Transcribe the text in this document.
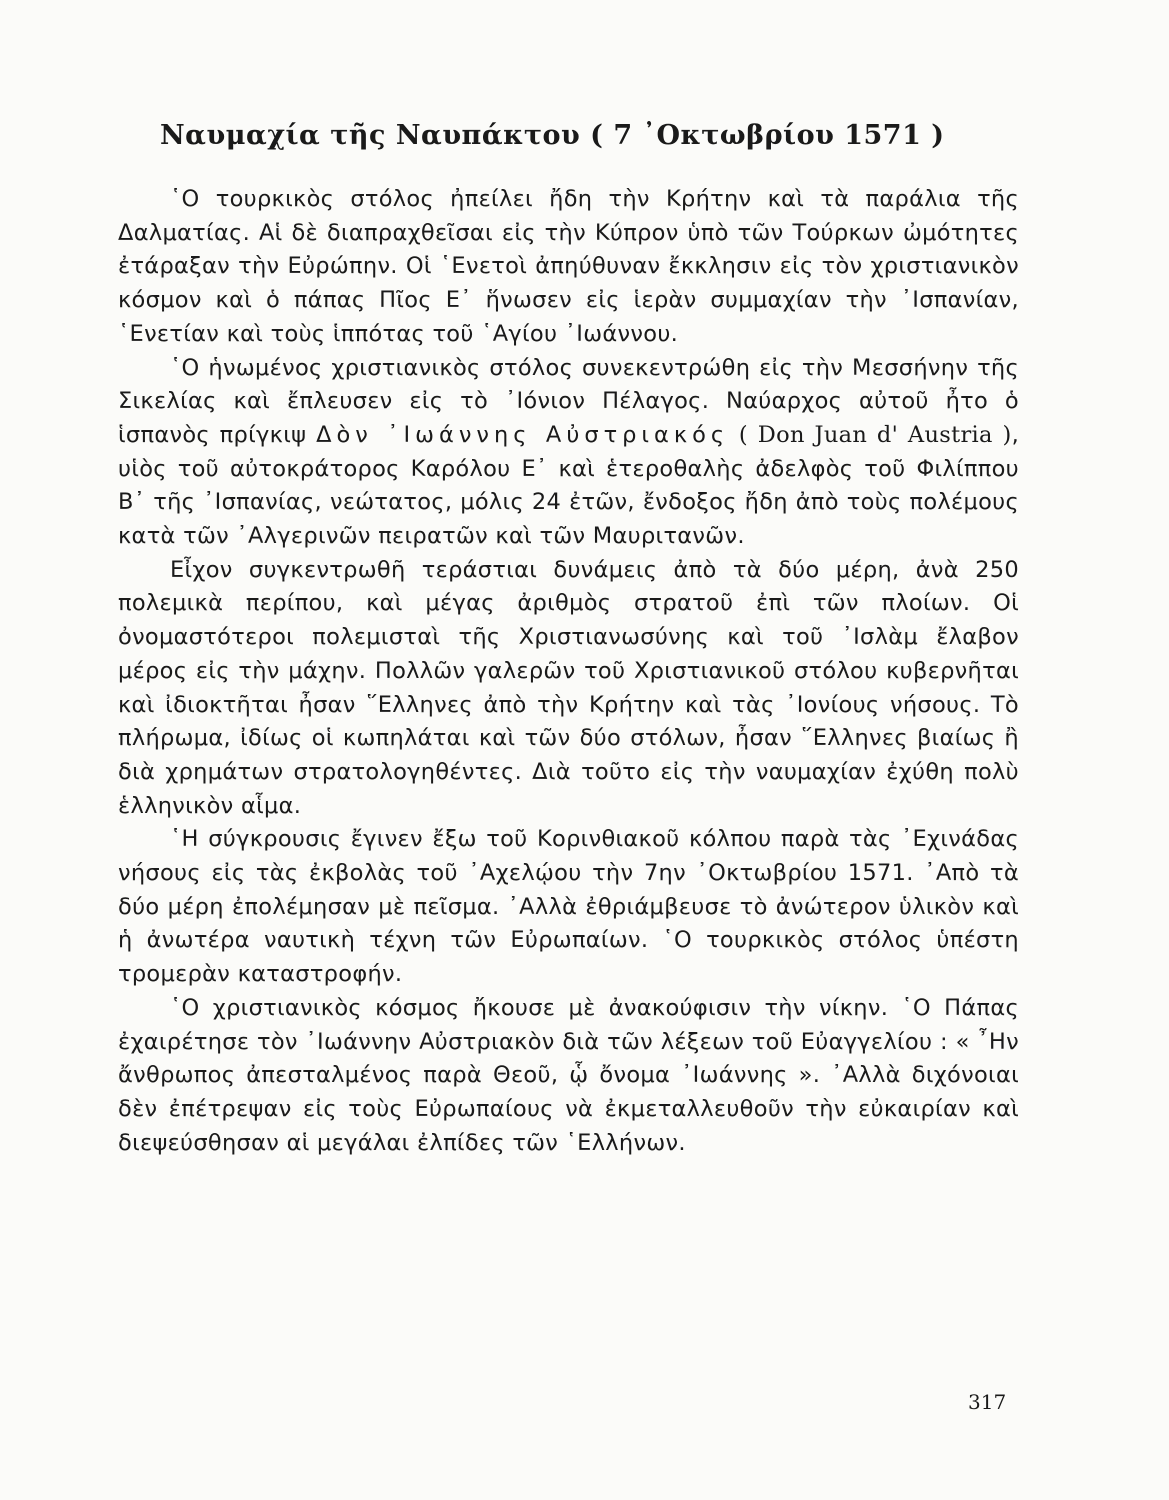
Ναυμαχία τῆς Ναυπάκτου ( 7 ᾿Οκτωβρίου 1571 )

῾Ο τουρκικὸς στόλος ἠπείλει ἤδη τὴν Κρήτην καὶ τὰ παράλια τῆς Δαλματίας. Αἱ δὲ διαπραχθεῖσαι εἰς τὴν Κύπρον ὑπὸ τῶν Τούρκων ὠμότητες ἐτάραξαν τὴν Εὐρώπην. Οἱ ῾Ενετοὶ ἀπηύθυναν ἔκκλησιν εἰς τὸν χριστιανικὸν κόσμον καὶ ὁ πάπας Πῖος Ε᾿ ἥνωσεν εἰς ἱερὰν συμμαχίαν τὴν ᾿Ισπανίαν, ῾Ενετίαν καὶ τοὺς ἱππότας τοῦ ῾Αγίου ᾿Ιωάννου.

῾Ο ἡνωμένος χριστιανικὸς στόλος συνεκεντρώθη εἰς τὴν Μεσσήνην τῆς Σικελίας καὶ ἔπλευσεν εἰς τὸ ᾿Ιόνιον Πέλαγος. Ναύαρχος αὐτοῦ ἦτο ὁ ἱσπανὸς πρίγκιψ Δὸν ᾿Ιωάννης Αὐστριακός ( Don Juan d' Austria ), υἱὸς τοῦ αὐτοκράτορος Καρόλου Ε᾿ καὶ ἑτεροθαλὴς ἀδελφὸς τοῦ Φιλίππου Β᾿ τῆς ᾿Ισπανίας, νεώτατος, μόλις 24 ἐτῶν, ἔνδοξος ἤδη ἀπὸ τοὺς πολέμους κατὰ τῶν ᾿Αλγερινῶν πειρατῶν καὶ τῶν Μαυριτανῶν.

Εἶχον συγκεντρωθῆ τεράστιαι δυνάμεις ἀπὸ τὰ δύο μέρη, ἀνὰ 250 πολεμικὰ περίπου, καὶ μέγας ἀριθμὸς στρατοῦ ἐπὶ τῶν πλοίων. Οἱ ὀνομαστότεροι πολεμισταὶ τῆς Χριστιανωσύνης καὶ τοῦ ᾿Ισλὰμ ἔλαβον μέρος εἰς τὴν μάχην. Πολλῶν γαλερῶν τοῦ Χριστιανικοῦ στόλου κυβερνῆται καὶ ἰδιοκτῆται ἦσαν ῞Ελληνες ἀπὸ τὴν Κρήτην καὶ τὰς ᾿Ιονίους νήσους. Τὸ πλήρωμα, ἰδίως οἱ κωπηλάται καὶ τῶν δύο στόλων, ἦσαν ῞Ελληνες βιαίως ἢ διὰ χρημάτων στρατολογηθέντες. Διὰ τοῦτο εἰς τὴν ναυμαχίαν ἐχύθη πολὺ ἑλληνικὸν αἷμα.

῾Η σύγκρουσις ἔγινεν ἔξω τοῦ Κορινθιακοῦ κόλπου παρὰ τὰς ᾿Εχινάδας νήσους εἰς τὰς ἐκβολὰς τοῦ ᾿Αχελῴου τὴν 7ην ᾿Οκτωβρίου 1571. ᾿Απὸ τὰ δύο μέρη ἐπολέμησαν μὲ πεῖσμα. ᾿Αλλὰ ἐθριάμβευσε τὸ ἀνώτερον ὑλικὸν καὶ ἡ ἀνωτέρα ναυτικὴ τέχνη τῶν Εὐρωπαίων. ῾Ο τουρκικὸς στόλος ὑπέστη τρομερὰν καταστροφήν.

῾Ο χριστιανικὸς κόσμος ἤκουσε μὲ ἀνακούφισιν τὴν νίκην. ῾Ο Πάπας ἐχαιρέτησε τὸν ᾿Ιωάννην Αὐστριακὸν διὰ τῶν λέξεων τοῦ Εὐαγγελίου : « ῏Ην ἄνθρωπος ἀπεσταλμένος παρὰ Θεοῦ, ᾧ ὄνομα ᾿Ιωάννης ». ᾿Αλλὰ διχόνοιαι δὲν ἐπέτρεψαν εἰς τοὺς Εὐρωπαίους νὰ ἐκμεταλλευθοῦν τὴν εὐκαιρίαν καὶ διεψεύσθησαν αἱ μεγάλαι ἐλπίδες τῶν ῾Ελλήνων.

317
